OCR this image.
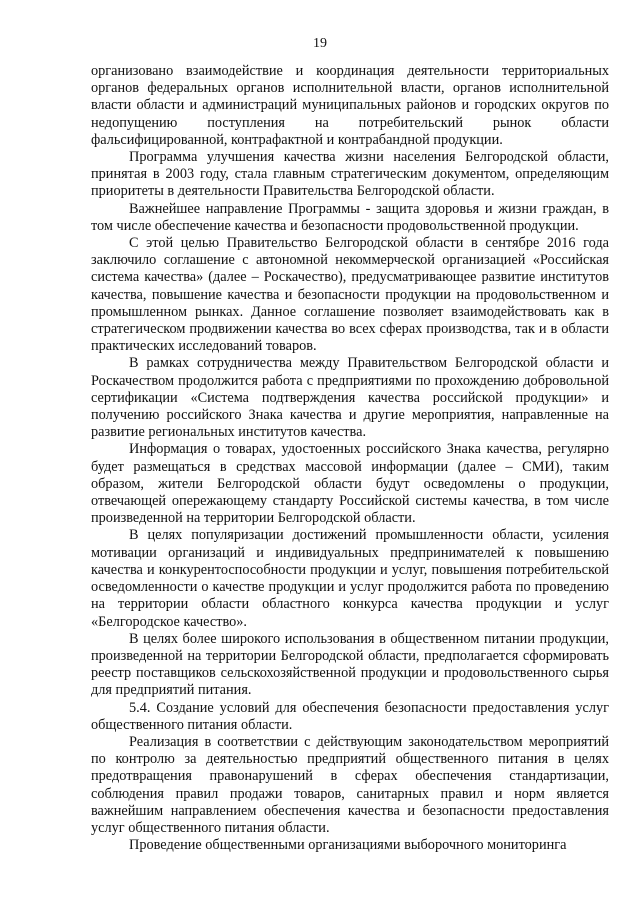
19

организовано взаимодействие и координация деятельности территориальных органов федеральных органов исполнительной власти, органов исполнительной власти области и администраций муниципальных районов и городских округов по недопущению поступления на потребительский рынок области фальсифицированной, контрафактной и контрабандной продукции.

Программа улучшения качества жизни населения Белгородской области, принятая в 2003 году, стала главным стратегическим документом, определяющим приоритеты в деятельности Правительства Белгородской области.

Важнейшее направление Программы - защита здоровья и жизни граждан, в том числе обеспечение качества и безопасности продовольственной продукции.

С этой целью Правительство Белгородской области в сентябре 2016 года заключило соглашение с автономной некоммерческой организацией «Российская система качества» (далее – Роскачество), предусматривающее развитие институтов качества, повышение качества и безопасности продукции на продовольственном и промышленном рынках. Данное соглашение позволяет взаимодействовать как в стратегическом продвижении качества во всех сферах производства, так и в области практических исследований товаров.

В рамках сотрудничества между Правительством Белгородской области и Роскачеством продолжится работа с предприятиями по прохождению добровольной сертификации «Система подтверждения качества российской продукции» и получению российского Знака качества и другие мероприятия, направленные на развитие региональных институтов качества.

Информация о товарах, удостоенных российского Знака качества, регулярно будет размещаться в средствах массовой информации (далее – СМИ), таким образом, жители Белгородской области будут осведомлены о продукции, отвечающей опережающему стандарту Российской системы качества, в том числе произведенной на территории Белгородской области.

В целях популяризации достижений промышленности области, усиления мотивации организаций и индивидуальных предпринимателей к повышению качества и конкурентоспособности продукции и услуг, повышения потребительской осведомленности о качестве продукции и услуг продолжится работа по проведению на территории области областного конкурса качества продукции и услуг «Белгородское качество».

В целях более широкого использования в общественном питании продукции, произведенной на территории Белгородской области, предполагается сформировать реестр поставщиков сельскохозяйственной продукции и продовольственного сырья для предприятий питания.

5.4. Создание условий для обеспечения безопасности предоставления услуг общественного питания области.

Реализация в соответствии с действующим законодательством мероприятий по контролю за деятельностью предприятий общественного питания в целях предотвращения правонарушений в сферах обеспечения стандартизации, соблюдения правил продажи товаров, санитарных правил и норм является важнейшим направлением обеспечения качества и безопасности предоставления услуг общественного питания области.

Проведение общественными организациями выборочного мониторинга
